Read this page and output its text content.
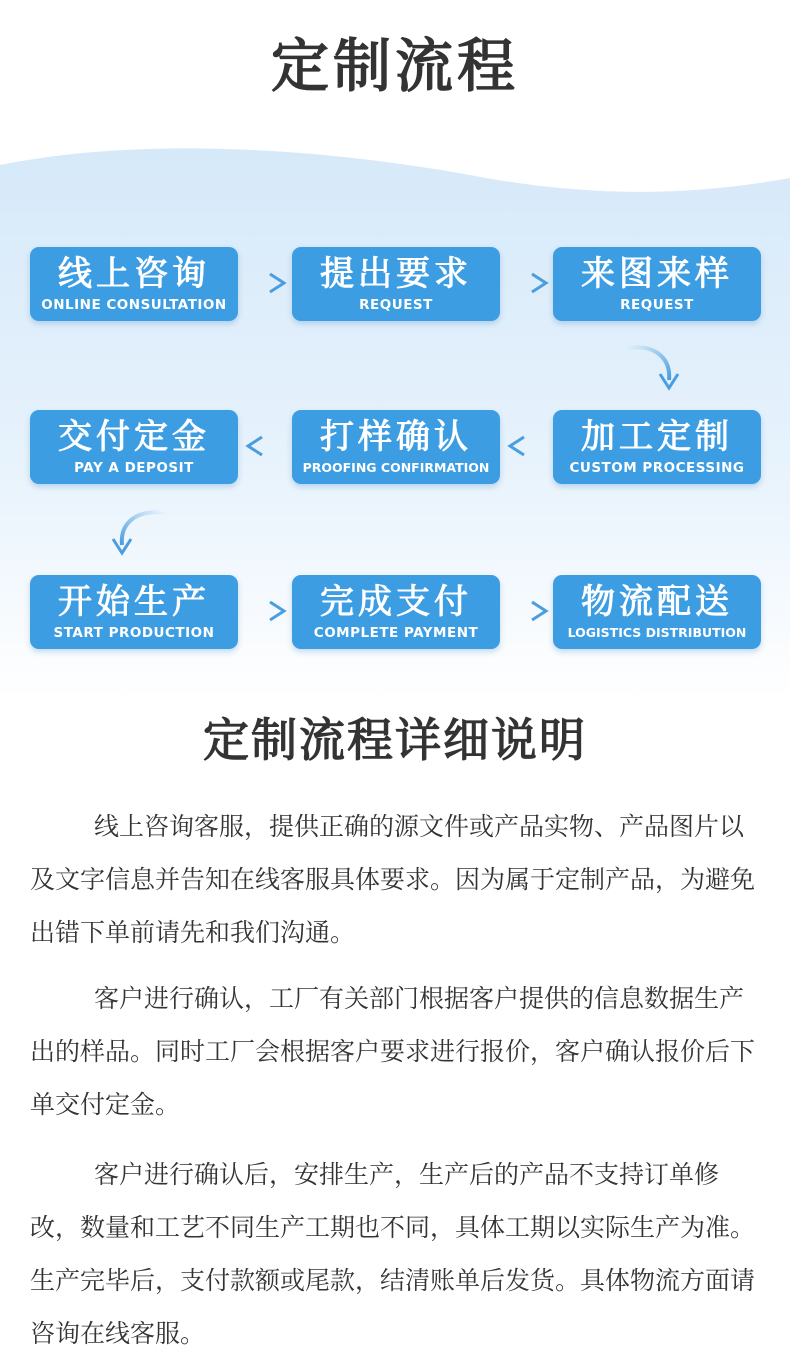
定制流程
线上咨询
ONLINE CONSULTATION
提出要求
REQUEST
来图来样
REQUEST
加工定制
CUSTOM PROCESSING
打样确认
PROOFING CONFIRMATION
交付定金
PAY A DEPOSIT
开始生产
START PRODUCTION
完成支付
COMPLETE PAYMENT
物流配送
LOGISTICS DISTRIBUTION
定制流程详细说明

线上咨询客服，提供正确的源文件或产品实物、产品图片以及文字信息并告知在线客服具体要求。因为属于定制产品，为避免出错下单前请先和我们沟通。

客户进行确认，工厂有关部门根据客户提供的信息数据生产出的样品。同时工厂会根据客户要求进行报价，客户确认报价后下单交付定金。

客户进行确认后，安排生产，生产后的产品不支持订单修改，数量和工艺不同生产工期也不同，具体工期以实际生产为准。生产完毕后，支付款额或尾款，结清账单后发货。具体物流方面请咨询在线客服。
